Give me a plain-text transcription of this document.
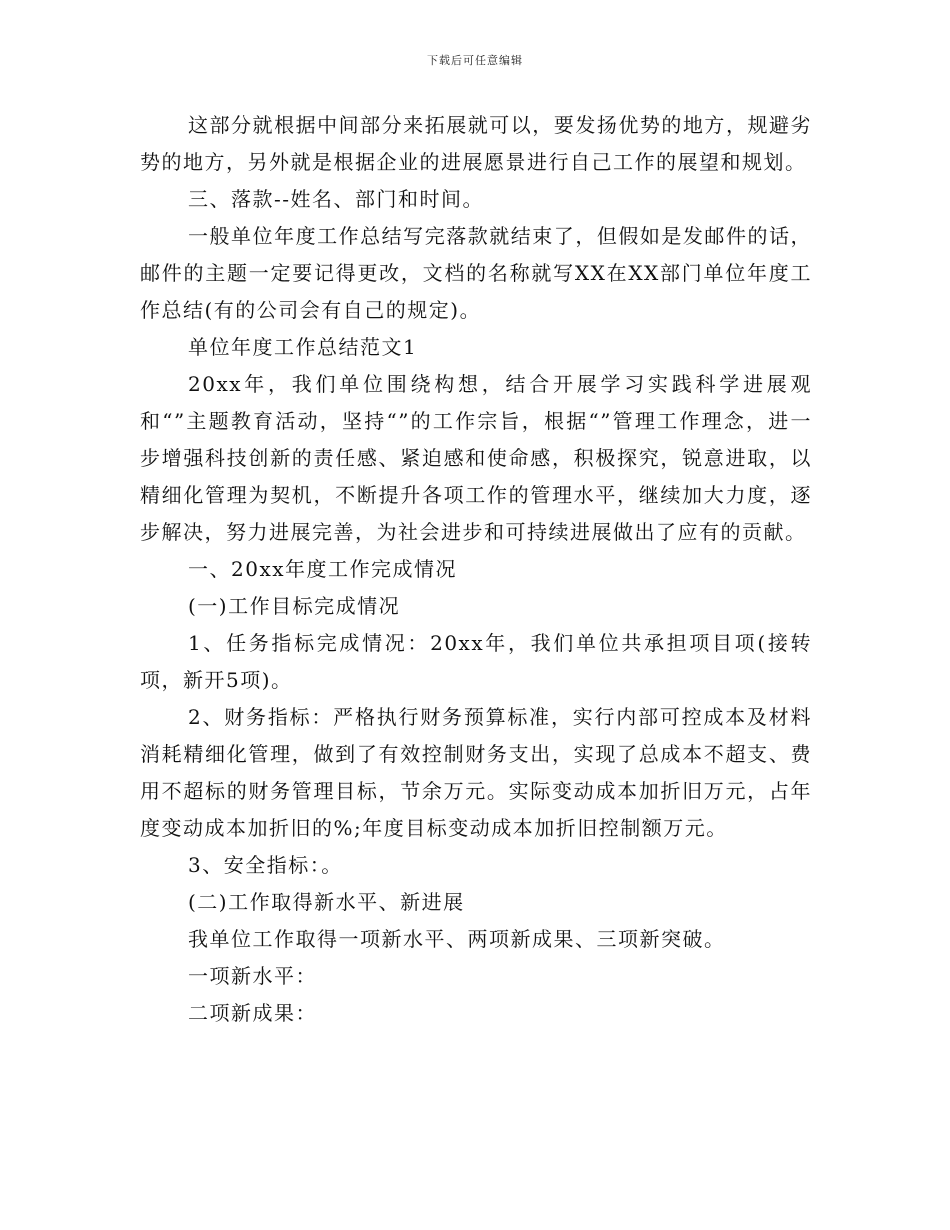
下载后可任意编辑

这部分就根据中间部分来拓展就可以，要发扬优势的地方，规避劣势的地方，另外就是根据企业的进展愿景进行自己工作的展望和规划。

三、落款--姓名、部门和时间。

一般单位年度工作总结写完落款就结束了，但假如是发邮件的话，邮件的主题一定要记得更改，文档的名称就写XX在XX部门单位年度工作总结(有的公司会有自己的规定)。

单位年度工作总结范文1

20xx年，我们单位围绕构想，结合开展学习实践科学进展观和“”主题教育活动，坚持“”的工作宗旨，根据“”管理工作理念，进一步增强科技创新的责任感、紧迫感和使命感，积极探究，锐意进取，以精细化管理为契机，不断提升各项工作的管理水平，继续加大力度，逐步解决，努力进展完善，为社会进步和可持续进展做出了应有的贡献。

一、20xx年度工作完成情况

(一)工作目标完成情况

1、任务指标完成情况：20xx年，我们单位共承担项目项(接转项，新开5项)。

2、财务指标：严格执行财务预算标准，实行内部可控成本及材料消耗精细化管理，做到了有效控制财务支出，实现了总成本不超支、费用不超标的财务管理目标，节余万元。实际变动成本加折旧万元，占年度变动成本加折旧的%;年度目标变动成本加折旧控制额万元。

3、安全指标：。

(二)工作取得新水平、新进展

我单位工作取得一项新水平、两项新成果、三项新突破。

一项新水平：

二项新成果：
